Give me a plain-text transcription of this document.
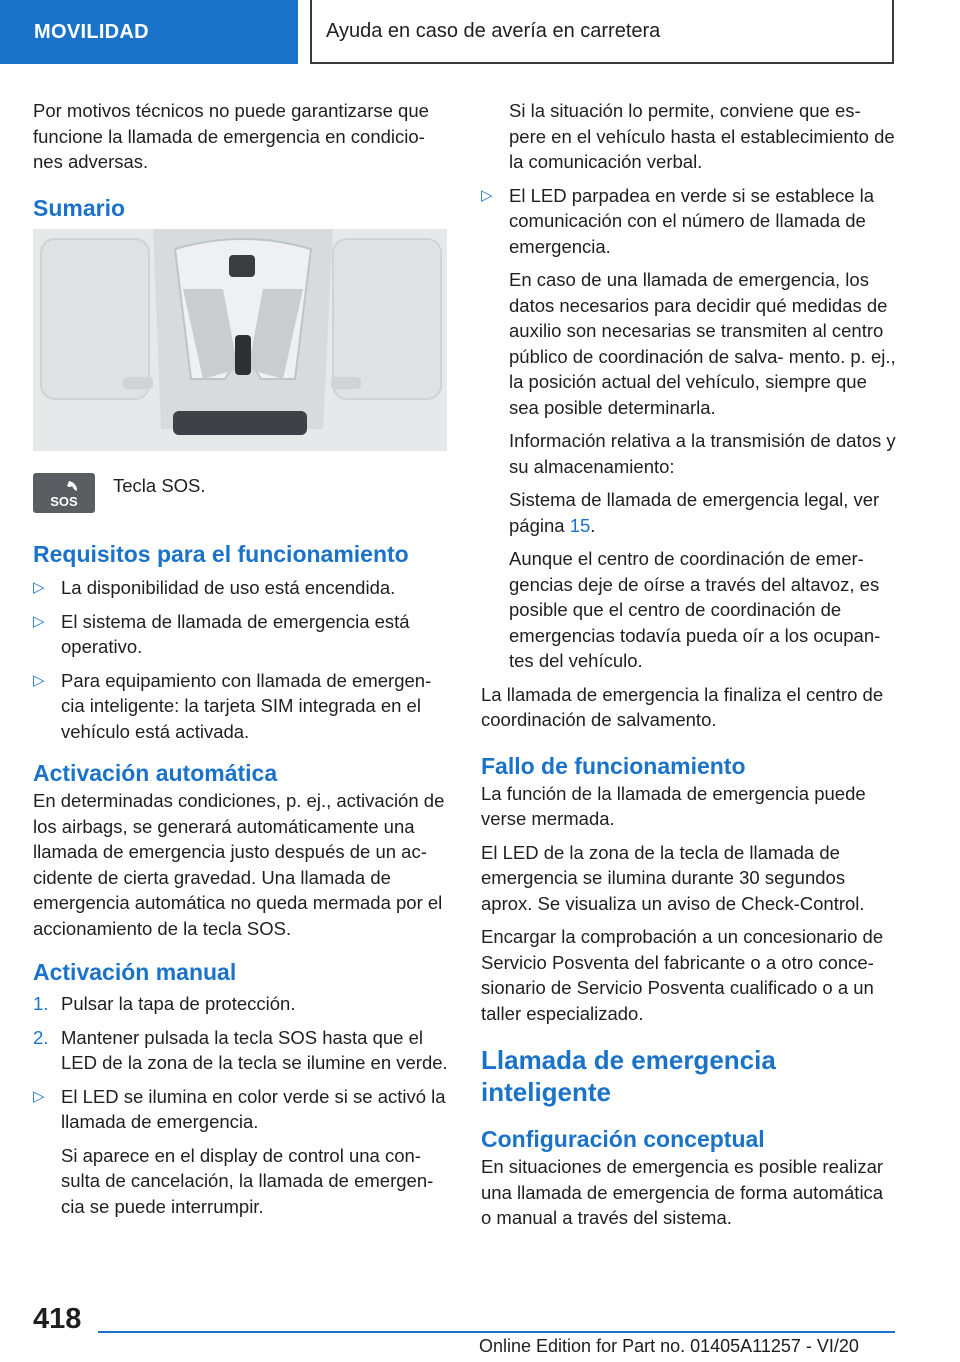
MOVILIDAD	Ayuda en caso de avería en carretera

Por motivos técnicos no puede garantizarse que funcione la llamada de emergencia en condicio‐ nes adversas.

Sumario
SOS
Tecla SOS.
Requisitos para el funcionamiento
▷ La disponibilidad de uso está encendida.
▷ El sistema de llamada de emergencia está operativo.
▷ Para equipamiento con llamada de emergen‐ cia inteligente: la tarjeta SIM integrada en el vehículo está activada.
Activación automática

En determinadas condiciones, p. ej., activación de los airbags, se generará automáticamente una llamada de emergencia justo después de un ac‐ cidente de cierta gravedad. Una llamada de emergencia automática no queda mermada por el accionamiento de la tecla SOS.

Activación manual
1. Pulsar la tapa de protección.
2. Mantener pulsada la tecla SOS hasta que el LED de la zona de la tecla se ilumine en verde.
▷ El LED se ilumina en color verde si se activó la llamada de emergencia.
Si aparece en el display de control una con‐ sulta de cancelación, la llamada de emergen‐ cia se puede interrumpir.
Si la situación lo permite, conviene que es‐ pere en el vehículo hasta el establecimiento de la comunicación verbal.
▷ El LED parpadea en verde si se establece la comunicación con el número de llamada de emergencia.
En caso de una llamada de emergencia, los datos necesarios para decidir qué medidas de auxilio son necesarias se transmiten al centro público de coordinación de salva‐ mento. p. ej., la posición actual del vehículo, siempre que sea posible determinarla.
Información relativa a la transmisión de datos y su almacenamiento:
Sistema de llamada de emergencia legal, ver página 15.
Aunque el centro de coordinación de emer‐ gencias deje de oírse a través del altavoz, es posible que el centro de coordinación de emergencias todavía pueda oír a los ocupan‐ tes del vehículo.

La llamada de emergencia la finaliza el centro de coordinación de salvamento.

Fallo de funcionamiento

La función de la llamada de emergencia puede verse mermada.

El LED de la zona de la tecla de llamada de emergencia se ilumina durante 30 segundos aprox. Se visualiza un aviso de Check-Control.

Encargar la comprobación a un concesionario de Servicio Posventa del fabricante o a otro conce‐ sionario de Servicio Posventa cualificado o a un taller especializado.

Llamada de emergencia inteligente
Configuración conceptual

En situaciones de emergencia es posible realizar una llamada de emergencia de forma automática o manual a través del sistema.

418
Online Edition for Part no. 01405A11257 - VI/20
